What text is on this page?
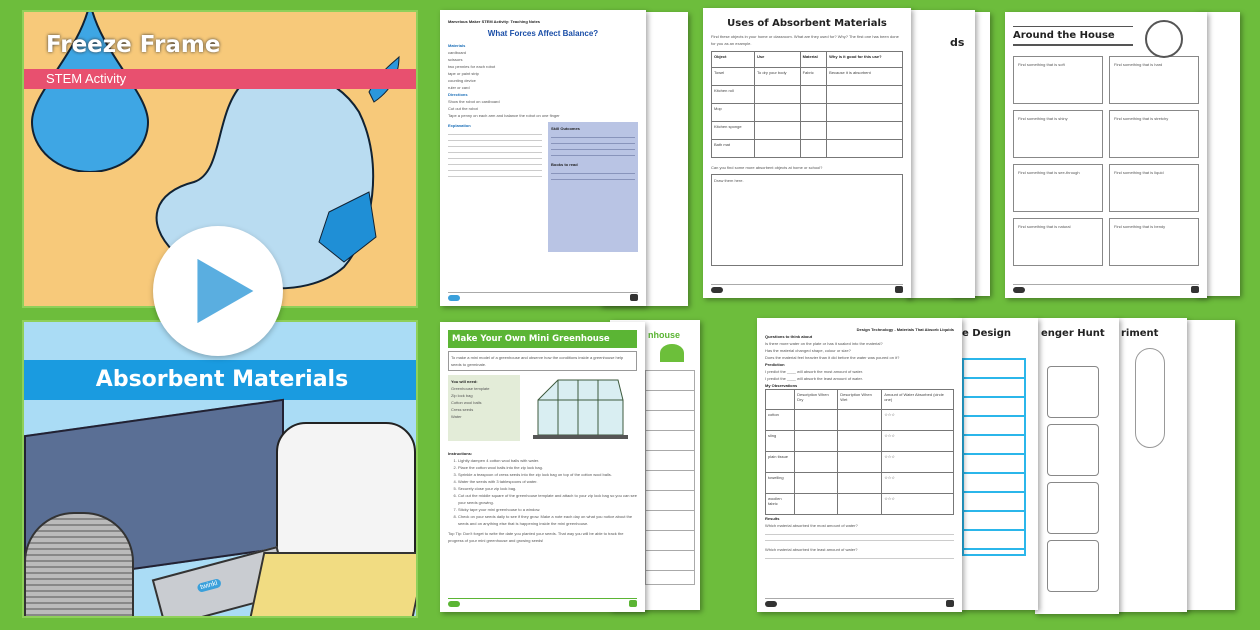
Freeze Frame
STEM Activity
Absorbent Materials
twinkl
Marvelous Maker STEM Activity: Teaching Notes
What Forces Affect Balance?
Materials
cardboard
scissors
two pennies for each robot
tape or paint strip
counting device
ruler or card
Directions
Show the robot on cardboard
Cut out the robot
Tape a penny on each arm and balance the robot on one finger
Explanation
Skill Outcomes
Books to read
ds
Uses of Absorbent Materials
Find these objects in your home or classroom. What are they used for? Why? The first one has been done for you as an example.
Object	Use	Material	Why is it good for this use?
Towel	To dry your body	Fabric	Because it is absorbent
Kitchen roll			
Mop			
Kitchen sponge			
Bath mat			
Can you find some more absorbent objects at home or school?
Draw them here.
Around the House
Find something that is soft	Find something that is hard
Find something that is shiny	Find something that is stretchy
Find something that is see-through	Find something that is liquid
Find something that is natural	Find something that is bendy
nhouse
Make Your Own Mini Greenhouse
To make a mini model of a greenhouse and observe how the conditions inside a greenhouse help seeds to germinate.
You will need:
Greenhouse template
Zip lock bag
Cotton wool balls
Cress seeds
Water
Instructions:
1. Lightly dampen 4 cotton wool balls with water.
2. Place the cotton wool balls into the zip lock bag.
3. Sprinkle a teaspoon of cress seeds into the zip lock bag on top of the cotton wool balls.
4. Water the seeds with 3 tablespoons of water.
5. Securely close your zip lock bag.
6. Cut out the middle square of the greenhouse template and attach to your zip lock bag so you can see your seeds growing.
7. Sticky tape your mini greenhouse to a window.
8. Check on your seeds daily to see if they grow. Make a note each day on what you notice about the seeds and on anything else that is happening inside the mini greenhouse.
Top Tip: Don't forget to write the date you planted your seeds. That way you will be able to track the progress of your mini greenhouse and growing seeds!
riment
enger Hunt
e Design
Design Technology - Materials That Absorb Liquids
Questions to think about
Is there more water on the plate or has it soaked into the material?
Has the material changed shape, colour or size?
Does the material feel heavier than it did before the water was poured on it?
Prediction
I predict the ____ will absorb the most amount of water.
I predict the ____ will absorb the least amount of water.
My Observations
	Description When Dry	Description When Wet	Amount of Water Absorbed (circle one)
cotton			☆☆☆
sling			☆☆☆
plain tissue			☆☆☆
towelling			☆☆☆
woollen fabric			☆☆☆
Results
Which material absorbed the most amount of water?
Which material absorbed the least amount of water?
